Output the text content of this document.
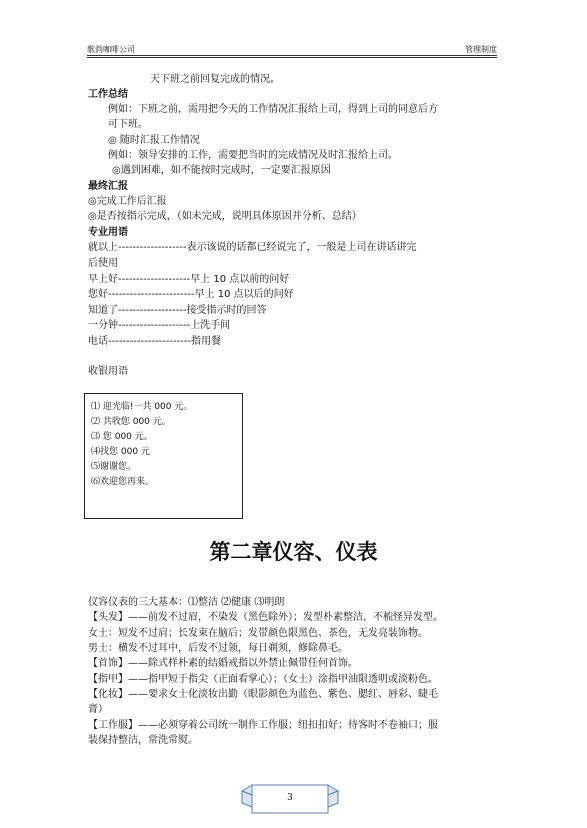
歌尚咖啡公司	管理制度
天下班之前回复完成的情况。
工作总结
例如：下班之前，需用把今天的工作情况汇报给上司，得到上司的同意后方
可下班。
◎ 随时汇报工作情况
例如：领导安排的工作，需要把当时的完成情况及时汇报给上司。
◎遇到困难，如不能按时完成时，一定要汇报原因
最终汇报
◎完成工作后汇报
◎是否按指示完成，（如未完成，说明具体原因并分析、总结）
专业用语
就以上-------------------表示该说的话都已经说完了，一般是上司在讲话讲完
后使用
早上好--------------------早上 10 点以前的问好
您好------------------------早上 10 点以后的问好
知道了-------------------接受指示时的回答
一分钟--------------------上洗手间
电话-----------------------指用餐
收银用语
⑴ 迎光临!一共 000 元。
⑵ 共收您 000 元。
⑶ 您 000 元。
⑷找您 000 元
⑸谢谢您。
⑹欢迎您再来。
第二章仪容、仪表
仪容仪表的三大基本：⑴整洁 ⑵健康 ⑶明朗
【头发】——前发不过眉，不染发（黑色除外）；发型朴素整洁，不梳怪异发型。
女士：短发不过肩；长发束在脑后；发带颜色限黑色、茶色，无发亮装饰物。
男士：横发不过耳中，后发不过领，每日剃须，修除鼻毛。
【首饰】——除式样朴素的结婚戒指以外禁止佩带任何首饰。
【指甲】——指甲短于指尖（正面看掌心）；（女士）涂指甲油限透明或淡粉色。
【化妆】——要求女士化淡妆出勤（眼影颜色为蓝色、紫色、腮红、唇彩、睫毛
膏）
【工作服】——必须穿着公司统一制作工作服；纽扣扣好；待客时不卷袖口；服
装保持整洁，常洗常熨。
3
